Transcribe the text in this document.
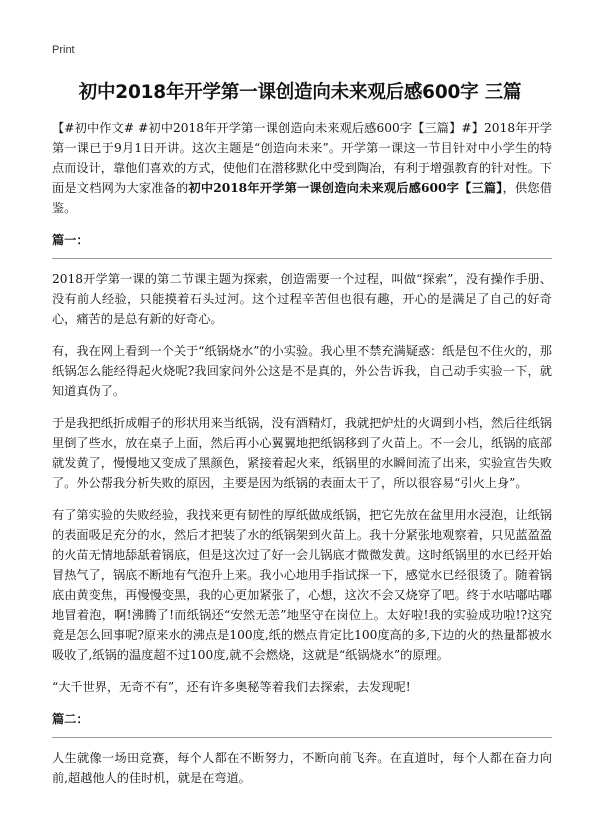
Print
初中2018年开学第一课创造向未来观后感600字 三篇

【#初中作文# #初中2018年开学第一课创造向未来观后感600字【三篇】#】2018年开学第一课已于9月1日开讲。这次主题是“创造向未来”。开学第一课这一节目针对中小学生的特点而设计，靠他们喜欢的方式，使他们在潜移默化中受到陶冶，有利于增强教育的针对性。下面是文档网为大家准备的初中2018年开学第一课创造向未来观后感600字【三篇】，供您借鉴。

篇一：

2018开学第一课的第二节课主题为探索，创造需要一个过程，叫做“探索”，没有操作手册、没有前人经验，只能摸着石头过河。这个过程辛苦但也很有趣，开心的是满足了自己的好奇心，痛苦的是总有新的好奇心。

有，我在网上看到一个关于“纸锅烧水”的小实验。我心里不禁充满疑惑：纸是包不住火的，那纸锅怎么能经得起火烧呢?我回家问外公这是不是真的，外公告诉我，自己动手实验一下，就知道真伪了。

于是我把纸折成帽子的形状用来当纸锅，没有酒精灯，我就把炉灶的火调到小档，然后往纸锅里倒了些水，放在桌子上面，然后再小心翼翼地把纸锅移到了火苗上。不一会儿，纸锅的底部就发黄了，慢慢地又变成了黑颜色，紧接着起火来，纸锅里的水瞬间流了出来，实验宣告失败了。外公帮我分析失败的原因，主要是因为纸锅的表面太干了，所以很容易“引火上身”。

有了第实验的失败经验，我找来更有韧性的厚纸做成纸锅，把它先放在盆里用水浸泡，让纸锅的表面吸足充分的水，然后才把装了水的纸锅架到火苗上。我十分紧张地观察着，只见蓝盈盈的火苗无情地舔舐着锅底，但是这次过了好一会儿锅底才微微发黄。这时纸锅里的水已经开始冒热气了，锅底不断地有气泡升上来。我小心地用手指试探一下，感觉水已经很烫了。随着锅底由黄变焦，再慢慢变黑，我的心更加紧张了，心想，这次不会又烧穿了吧。终于水咕嘟咕嘟地冒着泡，啊!沸腾了!而纸锅还“安然无恙”地坚守在岗位上。太好啦!我的实验成功啦!?这究竟是怎么回事呢?原来水的沸点是100度,纸的燃点肯定比100度高的多,下边的火的热量都被水吸收了,纸锅的温度超不过100度,就不会燃烧，这就是“纸锅烧水”的原理。

“大千世界，无奇不有”，还有许多奥秘等着我们去探索，去发现呢!

篇二：

人生就像一场田竞赛，每个人都在不断努力，不断向前飞奔。在直道时，每个人都在奋力向前,超越他人的佳时机，就是在弯道。
